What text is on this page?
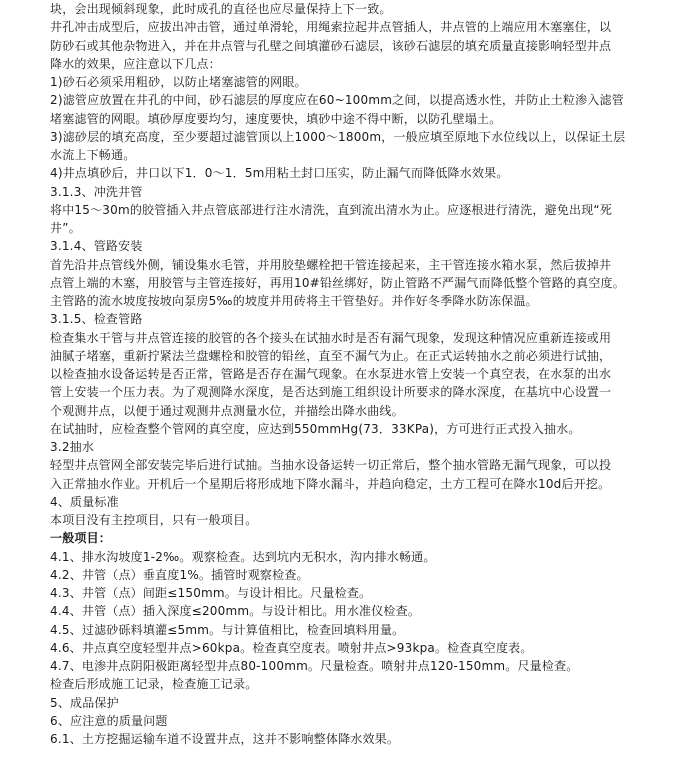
块，会出现倾斜现象，此时成孔的直径也应尽量保持上下一致。

井孔冲击成型后，应拔出冲击管，通过单滑轮，用绳索拉起井点管插人，井点管的上端应用木塞塞住，以

防砂石或其他杂物进入，并在井点管与孔壁之间填灌砂石滤层，该砂石滤层的填充质量直接影响轻型井点

降水的效果，应注意以下几点：

1)砂石必须采用粗砂，以防止堵塞滤管的网眼。

2)滤管应放置在井孔的中间，砂石滤层的厚度应在60~100mm之间，以提高透水性，并防止土粒渗入滤管

堵塞滤管的网眼。填砂厚度要均匀，速度要快，填砂中途不得中断，以防孔壁塌土。

3)滤砂层的填充高度，至少要超过滤管顶以上1000～1800m，一般应填至原地下水位线以上，以保证土层

水流上下畅通。

4)井点填砂后，井口以下1．0～1．5m用粘土封口压实，防止漏气而降低降水效果。

3.1.3、冲洗井管

将中15～30m的胶管插入井点管底部进行注水清洗，直到流出清水为止。应逐根进行清洗，避免出现“死

井”。

3.1.4、管路安装

首先沿井点管线外侧，铺设集水毛管，并用胶垫螺栓把干管连接起来，主干管连接水箱水泵，然后拔掉井

点管上端的木塞，用胶管与主管连接好，再用10#铅丝绑好，防止管路不严漏气而降低整个管路的真空度。

主管路的流水坡度按坡向泵房5‰的坡度并用砖将主干管垫好。并作好冬季降水防冻保温。

3.1.5、检查管路

检查集水干管与井点管连接的胶管的各个接头在试抽水时是否有漏气现象，发现这种情况应重新连接或用

油腻子堵塞，重新拧紧法兰盘螺栓和胶管的铅丝，直至不漏气为止。在正式运转抽水之前必须进行试抽，

以检查抽水设备运转是否正常，管路是否存在漏气现象。在水泵进水管上安装一个真空表，在水泵的出水

管上安装一个压力表。为了观测降水深度，是否达到施工组织设计所要求的降水深度，在基坑中心设置一

个观测井点，以便于通过观测井点测量水位，并描绘出降水曲线。

在试抽时，应检查整个管网的真空度，应达到550mmHg(73．33KPa)，方可进行正式投入抽水。

3.2抽水

轻型井点管网全部安装完毕后进行试抽。当抽水设备运转一切正常后，整个抽水管路无漏气现象，可以投

入正常抽水作业。开机后一个星期后将形成地下降水漏斗，并趋向稳定，土方工程可在降水10d后开挖。

4、质量标准

本项目没有主控项目，只有一般项目。

一般项目：

4.1、排水沟坡度1-2‰。观察检查。达到坑内无积水，沟内排水畅通。

4.2、井管（点）垂直度1%。插管时观察检查。

4.3、井管（点）间距≤150mm。与设计相比。尺量检查。

4.4、井管（点）插入深度≤200mm。与设计相比。用水准仪检查。

4.5、过滤砂砾料填灌≤5mm。与计算值相比，检查回填料用量。

4.6、井点真空度轻型井点>60kpa。检查真空度表。喷射井点>93kpa。检查真空度表。

4.7、电渗井点阴阳极距离轻型井点80-100mm。尺量检查。喷射井点120-150mm。尺量检查。

检查后形成施工记录，检查施工记录。

5、成品保护

6、应注意的质量问题

6.1、土方挖掘运输车道不设置井点，这并不影响整体降水效果。
